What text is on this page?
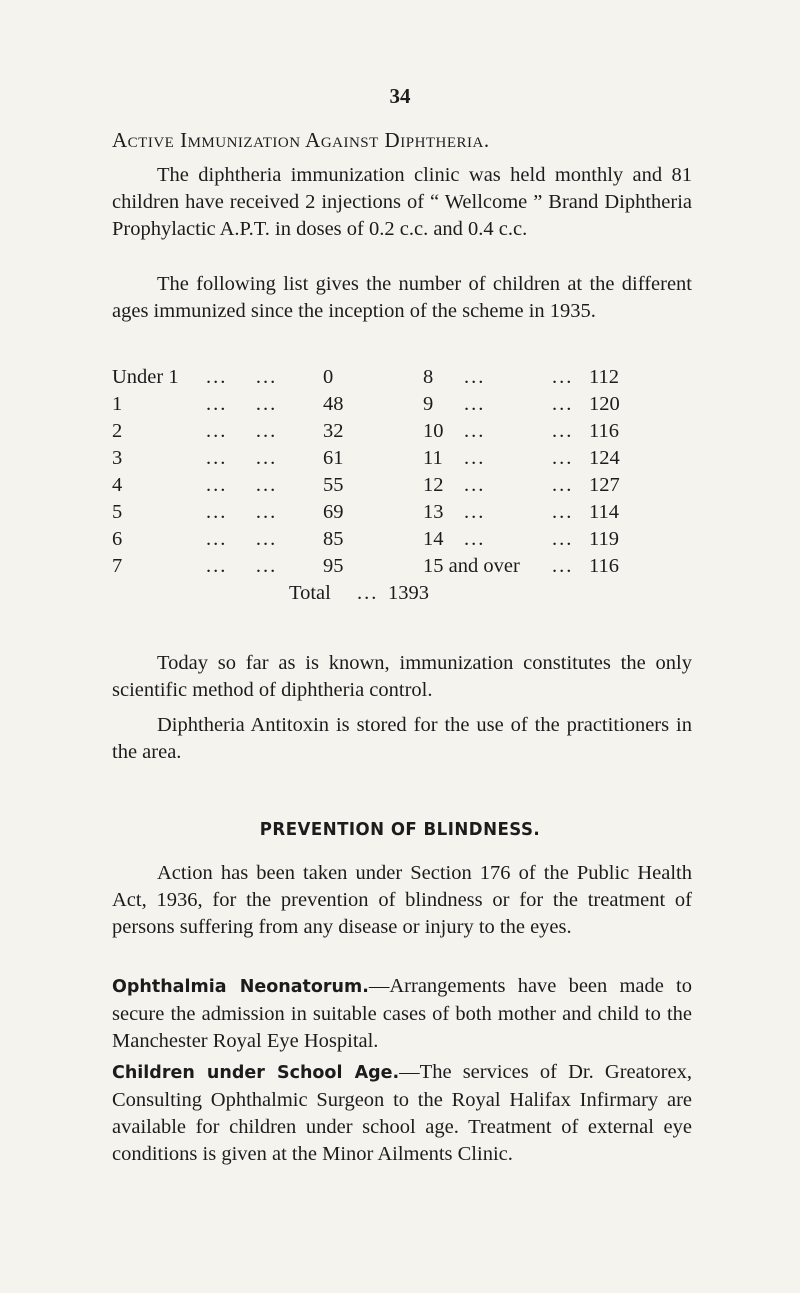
34
Active Immunization Against Diphtheria.

The diphtheria immunization clinic was held monthly and 81 children have received 2 injections of “ Wellcome ” Brand Diphtheria Prophylactic A.P.T. in doses of 0.2 c.c. and 0.4 c.c.

The following list gives the number of children at the different ages immunized since the inception of the scheme in 1935.

Under 1 ... ... 0	8 ...	... 112
1	... ... 48	9 ...	... 120
2	... ... 32	10 ...	... 116
3	... ... 61	11 ...	... 124
4	... ... 55	12 ...	... 127
5	... ... 69	13 ...	... 114
6	... ... 85	14 ...	... 119
7	... ... 95	15 and over ... 116
Total ... 1393

Today so far as is known, immunization constitutes the only scientific method of diphtheria control.

Diphtheria Antitoxin is stored for the use of the practitioners in the area.

PREVENTION OF BLINDNESS.

Action has been taken under Section 176 of the Public Health Act, 1936, for the prevention of blindness or for the treatment of persons suffering from any disease or injury to the eyes.

Ophthalmia Neonatorum.—Arrangements have been made to secure the admission in suitable cases of both mother and child to the Manchester Royal Eye Hospital.

Children under School Age.—The services of Dr. Greatorex, Consulting Ophthalmic Surgeon to the Royal Halifax Infirmary are available for children under school age. Treatment of external eye conditions is given at the Minor Ailments Clinic.
